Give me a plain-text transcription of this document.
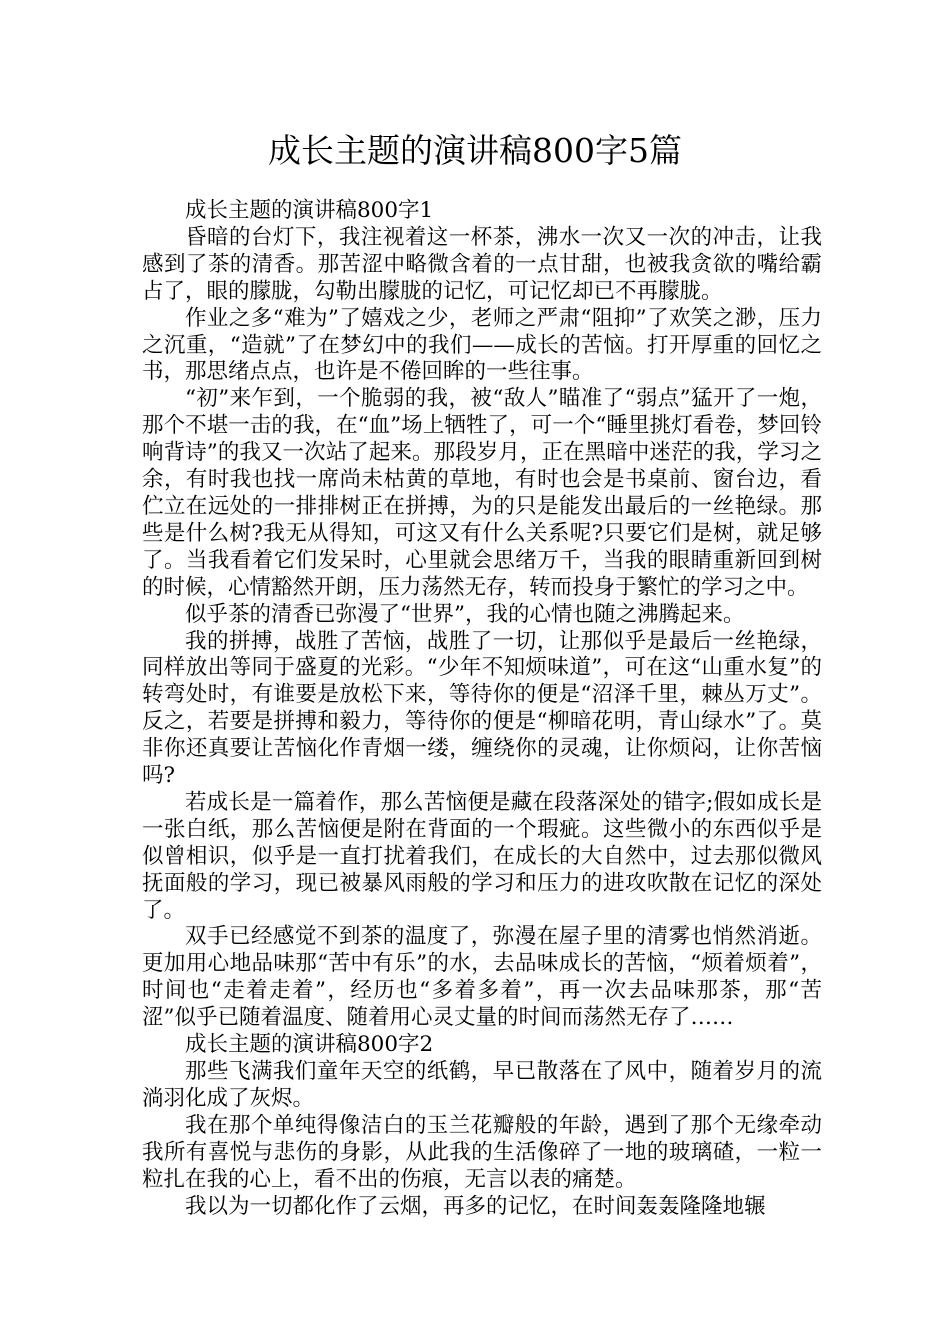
成长主题的演讲稿800字5篇

成长主题的演讲稿800字1

昏暗的台灯下，我注视着这一杯茶，沸水一次又一次的冲击，让我感到了茶的清香。那苦涩中略微含着的一点甘甜，也被我贪欲的嘴给霸占了，眼的朦胧，勾勒出朦胧的记忆，可记忆却已不再朦胧。

作业之多“难为”了嬉戏之少，老师之严肃“阻抑”了欢笑之渺，压力之沉重，“造就”了在梦幻中的我们——成长的苦恼。打开厚重的回忆之书，那思绪点点，也许是不倦回眸的一些往事。

“初”来乍到，一个脆弱的我，被“敌人”瞄准了“弱点”猛开了一炮，那个不堪一击的我，在“血”场上牺牲了，可一个“睡里挑灯看卷，梦回铃响背诗”的我又一次站了起来。那段岁月，正在黑暗中迷茫的我，学习之余，有时我也找一席尚未枯黄的草地，有时也会是书桌前、窗台边，看伫立在远处的一排排树正在拼搏，为的只是能发出最后的一丝艳绿。那些是什么树?我无从得知，可这又有什么关系呢?只要它们是树，就足够了。当我看着它们发呆时，心里就会思绪万千，当我的眼睛重新回到树的时候，心情豁然开朗，压力荡然无存，转而投身于繁忙的学习之中。

似乎茶的清香已弥漫了“世界”，我的心情也随之沸腾起来。

我的拼搏，战胜了苦恼，战胜了一切，让那似乎是最后一丝艳绿，同样放出等同于盛夏的光彩。“少年不知烦味道”，可在这“山重水复”的转弯处时，有谁要是放松下来，等待你的便是“沼泽千里，棘丛万丈”。反之，若要是拼搏和毅力，等待你的便是“柳暗花明，青山绿水”了。莫非你还真要让苦恼化作青烟一缕，缠绕你的灵魂，让你烦闷，让你苦恼吗?

若成长是一篇着作，那么苦恼便是藏在段落深处的错字;假如成长是一张白纸，那么苦恼便是附在背面的一个瑕疵。这些微小的东西似乎是似曾相识，似乎是一直打扰着我们，在成长的大自然中，过去那似微风抚面般的学习，现已被暴风雨般的学习和压力的进攻吹散在记忆的深处了。

双手已经感觉不到茶的温度了，弥漫在屋子里的清雾也悄然消逝。更加用心地品味那“苦中有乐”的水，去品味成长的苦恼，“烦着烦着”，时间也“走着走着”，经历也“多着多着”，再一次去品味那茶，那“苦涩”似乎已随着温度、随着用心灵丈量的时间而荡然无存了……

成长主题的演讲稿800字2

那些飞满我们童年天空的纸鹤，早已散落在了风中，随着岁月的流淌羽化成了灰烬。

我在那个单纯得像洁白的玉兰花瓣般的年龄，遇到了那个无缘牵动我所有喜悦与悲伤的身影，从此我的生活像碎了一地的玻璃碴，一粒一粒扎在我的心上，看不出的伤痕，无言以表的痛楚。

我以为一切都化作了云烟，再多的记忆，在时间轰轰隆隆地辗
